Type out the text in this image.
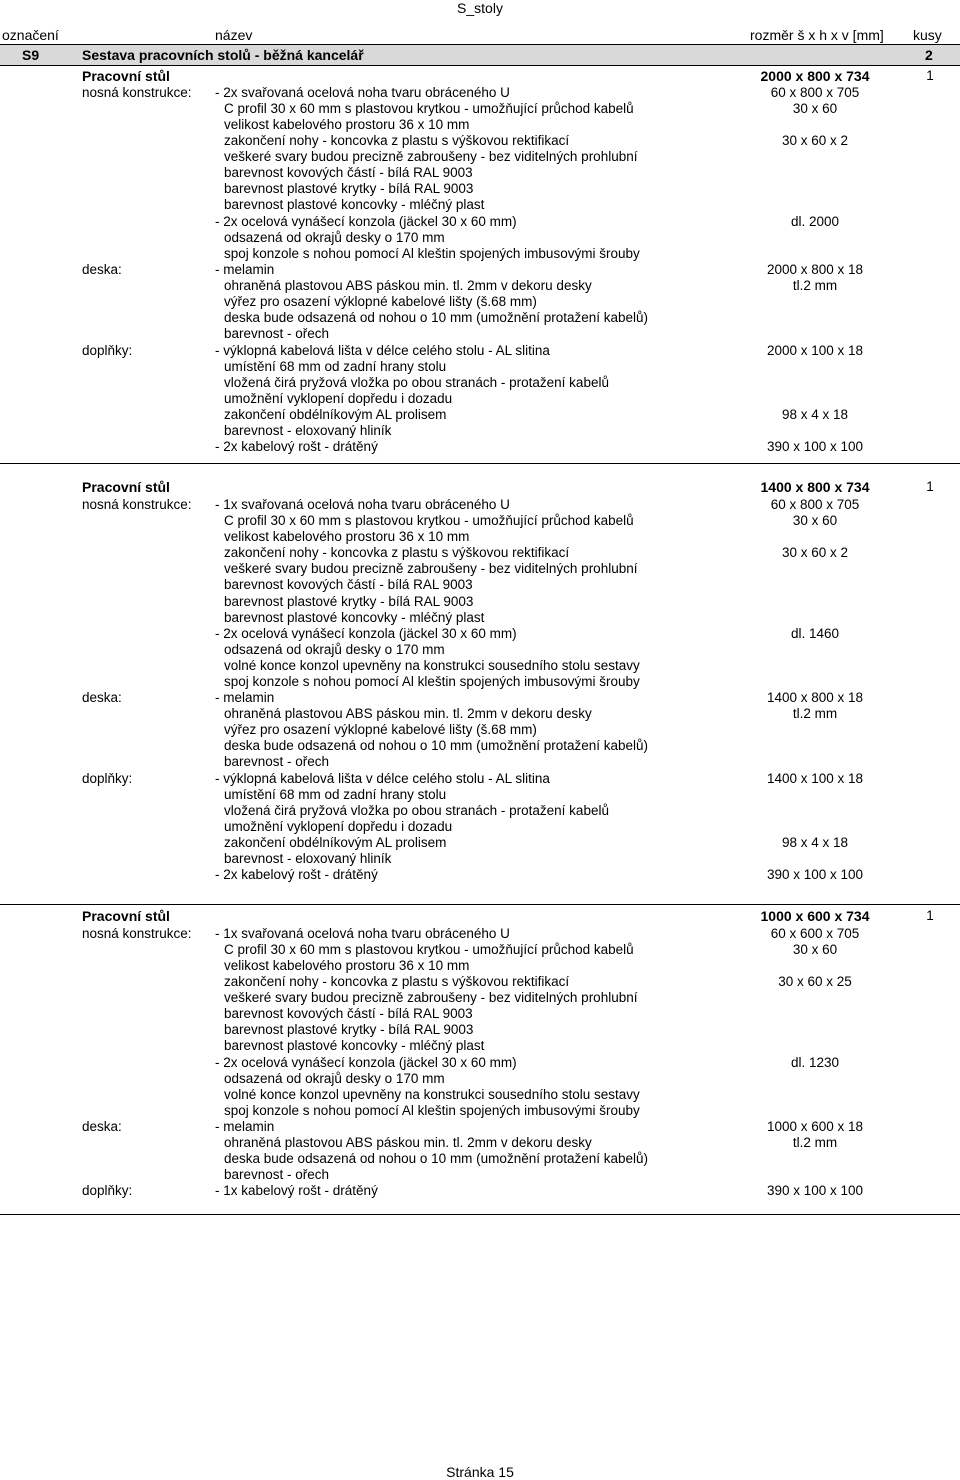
S_stoly
označení	název	rozměr š x h x v [mm] kusy
S9	Sestava pracovních stolů - běžná kancelář	2
Pracovní stůl	2000 x 800 x 734	1
nosná konstrukce: - 2x svařovaná ocelová noha tvaru obráceného U	60 x 800 x 705
C profil 30 x 60 mm s plastovou krytkou - umožňující průchod kabelů	30 x 60
velikost kabelového prostoru 36 x 10 mm
zakončení nohy - koncovka z plastu s výškovou rektifikací	30 x 60 x 2
veškeré svary budou precizně zabroušeny - bez viditelných prohlubní
barevnost kovových částí - bílá RAL 9003
barevnost plastové krytky - bílá RAL 9003
barevnost plastové koncovky - mléčný plast
- 2x ocelová vynášecí konzola (jäckel 30 x 60 mm)	dl. 2000
odsazená od okrajů desky o 170 mm
spoj konzole s nohou pomocí Al kleštin spojených imbusovými šrouby
deska:	- melamin	2000 x 800 x 18
ohraněná plastovou ABS páskou min. tl. 2mm v dekoru desky	tl.2 mm
výřez pro osazení výklopné kabelové lišty (š.68 mm)
deska bude odsazená od nohou o 10 mm (umožnění protažení kabelů)
barevnost - ořech
doplňky:	- výklopná kabelová lišta v délce celého stolu - AL slitina	2000 x 100 x 18
umístění 68 mm od zadní hrany stolu
vložená čirá pryžová vložka po obou stranách - protažení kabelů
umožnění vyklopení dopředu i dozadu
zakončení obdélníkovým AL prolisem	98 x 4 x 18
barevnost - eloxovaný hliník
- 2x kabelový rošt - drátěný	390 x 100 x 100
Pracovní stůl	1400 x 800 x 734	1
nosná konstrukce: - 1x svařovaná ocelová noha tvaru obráceného U	60 x 800 x 705
C profil 30 x 60 mm s plastovou krytkou - umožňující průchod kabelů	30 x 60
velikost kabelového prostoru 36 x 10 mm
zakončení nohy - koncovka z plastu s výškovou rektifikací	30 x 60 x 2
veškeré svary budou precizně zabroušeny - bez viditelných prohlubní
barevnost kovových částí - bílá RAL 9003
barevnost plastové krytky - bílá RAL 9003
barevnost plastové koncovky - mléčný plast
- 2x ocelová vynášecí konzola (jäckel 30 x 60 mm)	dl. 1460
odsazená od okrajů desky o 170 mm
volné konce konzol upevněny na konstrukci sousedního stolu sestavy
spoj konzole s nohou pomocí Al kleštin spojených imbusovými šrouby
deska:	- melamin	1400 x 800 x 18
ohraněná plastovou ABS páskou min. tl. 2mm v dekoru desky	tl.2 mm
výřez pro osazení výklopné kabelové lišty (š.68 mm)
deska bude odsazená od nohou o 10 mm (umožnění protažení kabelů)
barevnost - ořech
doplňky:	- výklopná kabelová lišta v délce celého stolu - AL slitina	1400 x 100 x 18
umístění 68 mm od zadní hrany stolu
vložená čirá pryžová vložka po obou stranách - protažení kabelů
umožnění vyklopení dopředu i dozadu
zakončení obdélníkovým AL prolisem	98 x 4 x 18
barevnost - eloxovaný hliník
- 2x kabelový rošt - drátěný	390 x 100 x 100
Pracovní stůl	1000 x 600 x 734	1
nosná konstrukce: - 1x svařovaná ocelová noha tvaru obráceného U	60 x 600 x 705
C profil 30 x 60 mm s plastovou krytkou - umožňující průchod kabelů	30 x 60
velikost kabelového prostoru 36 x 10 mm
zakončení nohy - koncovka z plastu s výškovou rektifikací	30 x 60 x 25
veškeré svary budou precizně zabroušeny - bez viditelných prohlubní
barevnost kovových částí - bílá RAL 9003
barevnost plastové krytky - bílá RAL 9003
barevnost plastové koncovky - mléčný plast
- 2x ocelová vynášecí konzola (jäckel 30 x 60 mm)	dl. 1230
odsazená od okrajů desky o 170 mm
volné konce konzol upevněny na konstrukci sousedního stolu sestavy
spoj konzole s nohou pomocí Al kleštin spojených imbusovými šrouby
deska:	- melamin	1000 x 600 x 18
ohraněná plastovou ABS páskou min. tl. 2mm v dekoru desky	tl.2 mm
deska bude odsazená od nohou o 10 mm (umožnění protažení kabelů)
barevnost - ořech
doplňky:	- 1x kabelový rošt - drátěný	390 x 100 x 100
Stránka 15
